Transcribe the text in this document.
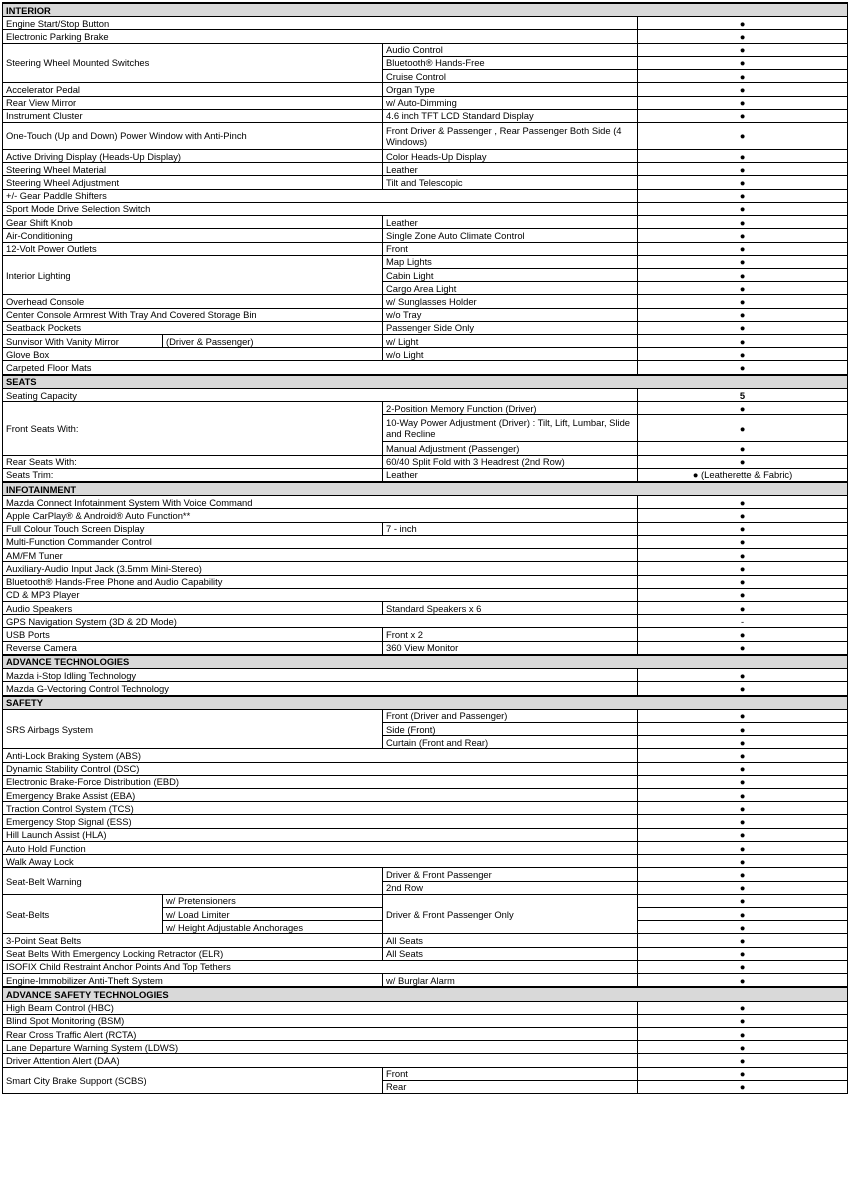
INTERIOR			
Engine Start/Stop Button			●
Electronic Parking Brake			●
Steering Wheel Mounted Switches		Audio Control	●
		Bluetooth® Hands-Free	●
		Cruise Control	●
Accelerator Pedal		Organ Type	●
Rear View Mirror		w/ Auto-Dimming	●
Instrument Cluster		4.6 inch TFT LCD Standard Display	●
One-Touch (Up and Down) Power Window with Anti-Pinch		Front Driver & Passenger , Rear Passenger Both Side (4 Windows)	●
Active Driving Display (Heads-Up Display)		Color Heads-Up Display	●
Steering Wheel Material		Leather	●
Steering Wheel Adjustment		Tilt and Telescopic	●
+/- Gear Paddle Shifters			●
Sport Mode Drive Selection Switch			●
Gear Shift Knob		Leather	●
Air-Conditioning		Single Zone Auto Climate Control	●
12-Volt Power Outlets		Front	●
Interior Lighting		Map Lights	●
		Cabin Light	●
		Cargo Area Light	●
Overhead Console		w/ Sunglasses Holder	●
Center Console Armrest With Tray And Covered Storage Bin		w/o Tray	●
Seatback Pockets		Passenger Side Only	●
Sunvisor With Vanity Mirror	(Driver & Passenger)	w/ Light	●
Glove Box		w/o Light	●
Carpeted Floor Mats			●
SEATS			
Seating Capacity			5
Front Seats With:		2-Position Memory Function (Driver)	●
		10-Way Power Adjustment (Driver) : Tilt, Lift, Lumbar, Slide and Recline	●
		Manual Adjustment (Passenger)	●
Rear Seats With:		60/40 Split Fold with 3 Headrest (2nd Row)	●
Seats Trim:		Leather	● (Leatherette & Fabric)
INFOTAINMENT			
Mazda Connect Infotainment System With Voice Command			●
Apple CarPlay® & Android® Auto Function**			●
Full Colour Touch Screen Display		7 - inch	●
Multi-Function Commander Control			●
AM/FM Tuner			●
Auxiliary-Audio Input Jack (3.5mm Mini-Stereo)			●
Bluetooth® Hands-Free Phone and Audio Capability			●
CD & MP3 Player			●
Audio Speakers		Standard Speakers x 6	●
GPS Navigation System (3D & 2D Mode)			-
USB Ports		Front x 2	●
Reverse Camera		360 View Monitor	●
ADVANCE TECHNOLOGIES			
Mazda i-Stop Idling Technology			●
Mazda G-Vectoring Control Technology			●
SAFETY			
SRS Airbags System		Front (Driver and Passenger)	●
		Side (Front)	●
		Curtain (Front and Rear)	●
Anti-Lock Braking System (ABS)			●
Dynamic Stability Control (DSC)			●
Electronic Brake-Force Distribution (EBD)			●
Emergency Brake Assist (EBA)			●
Traction Control System (TCS)			●
Emergency Stop Signal (ESS)			●
Hill Launch Assist (HLA)			●
Auto Hold Function			●
Walk Away Lock			●
Seat-Belt Warning		Driver & Front Passenger	●
		2nd Row	●
Seat-Belts	w/ Pretensioners	Driver & Front Passenger Only	●
	w/ Load Limiter		●
	w/ Height Adjustable Anchorages		●
3-Point Seat Belts		All Seats	●
Seat Belts With Emergency Locking Retractor (ELR)		All Seats	●
ISOFIX Child Restraint Anchor Points And Top Tethers			●
Engine-Immobilizer Anti-Theft System		w/ Burglar Alarm	●
ADVANCE SAFETY TECHNOLOGIES			
High Beam Control (HBC)			●
Blind Spot Monitoring (BSM)			●
Rear Cross Traffic Alert (RCTA)			●
Lane Departure Warning System (LDWS)			●
Driver Attention Alert (DAA)			●
Smart City Brake Support (SCBS)		Front	●
		Rear	●
